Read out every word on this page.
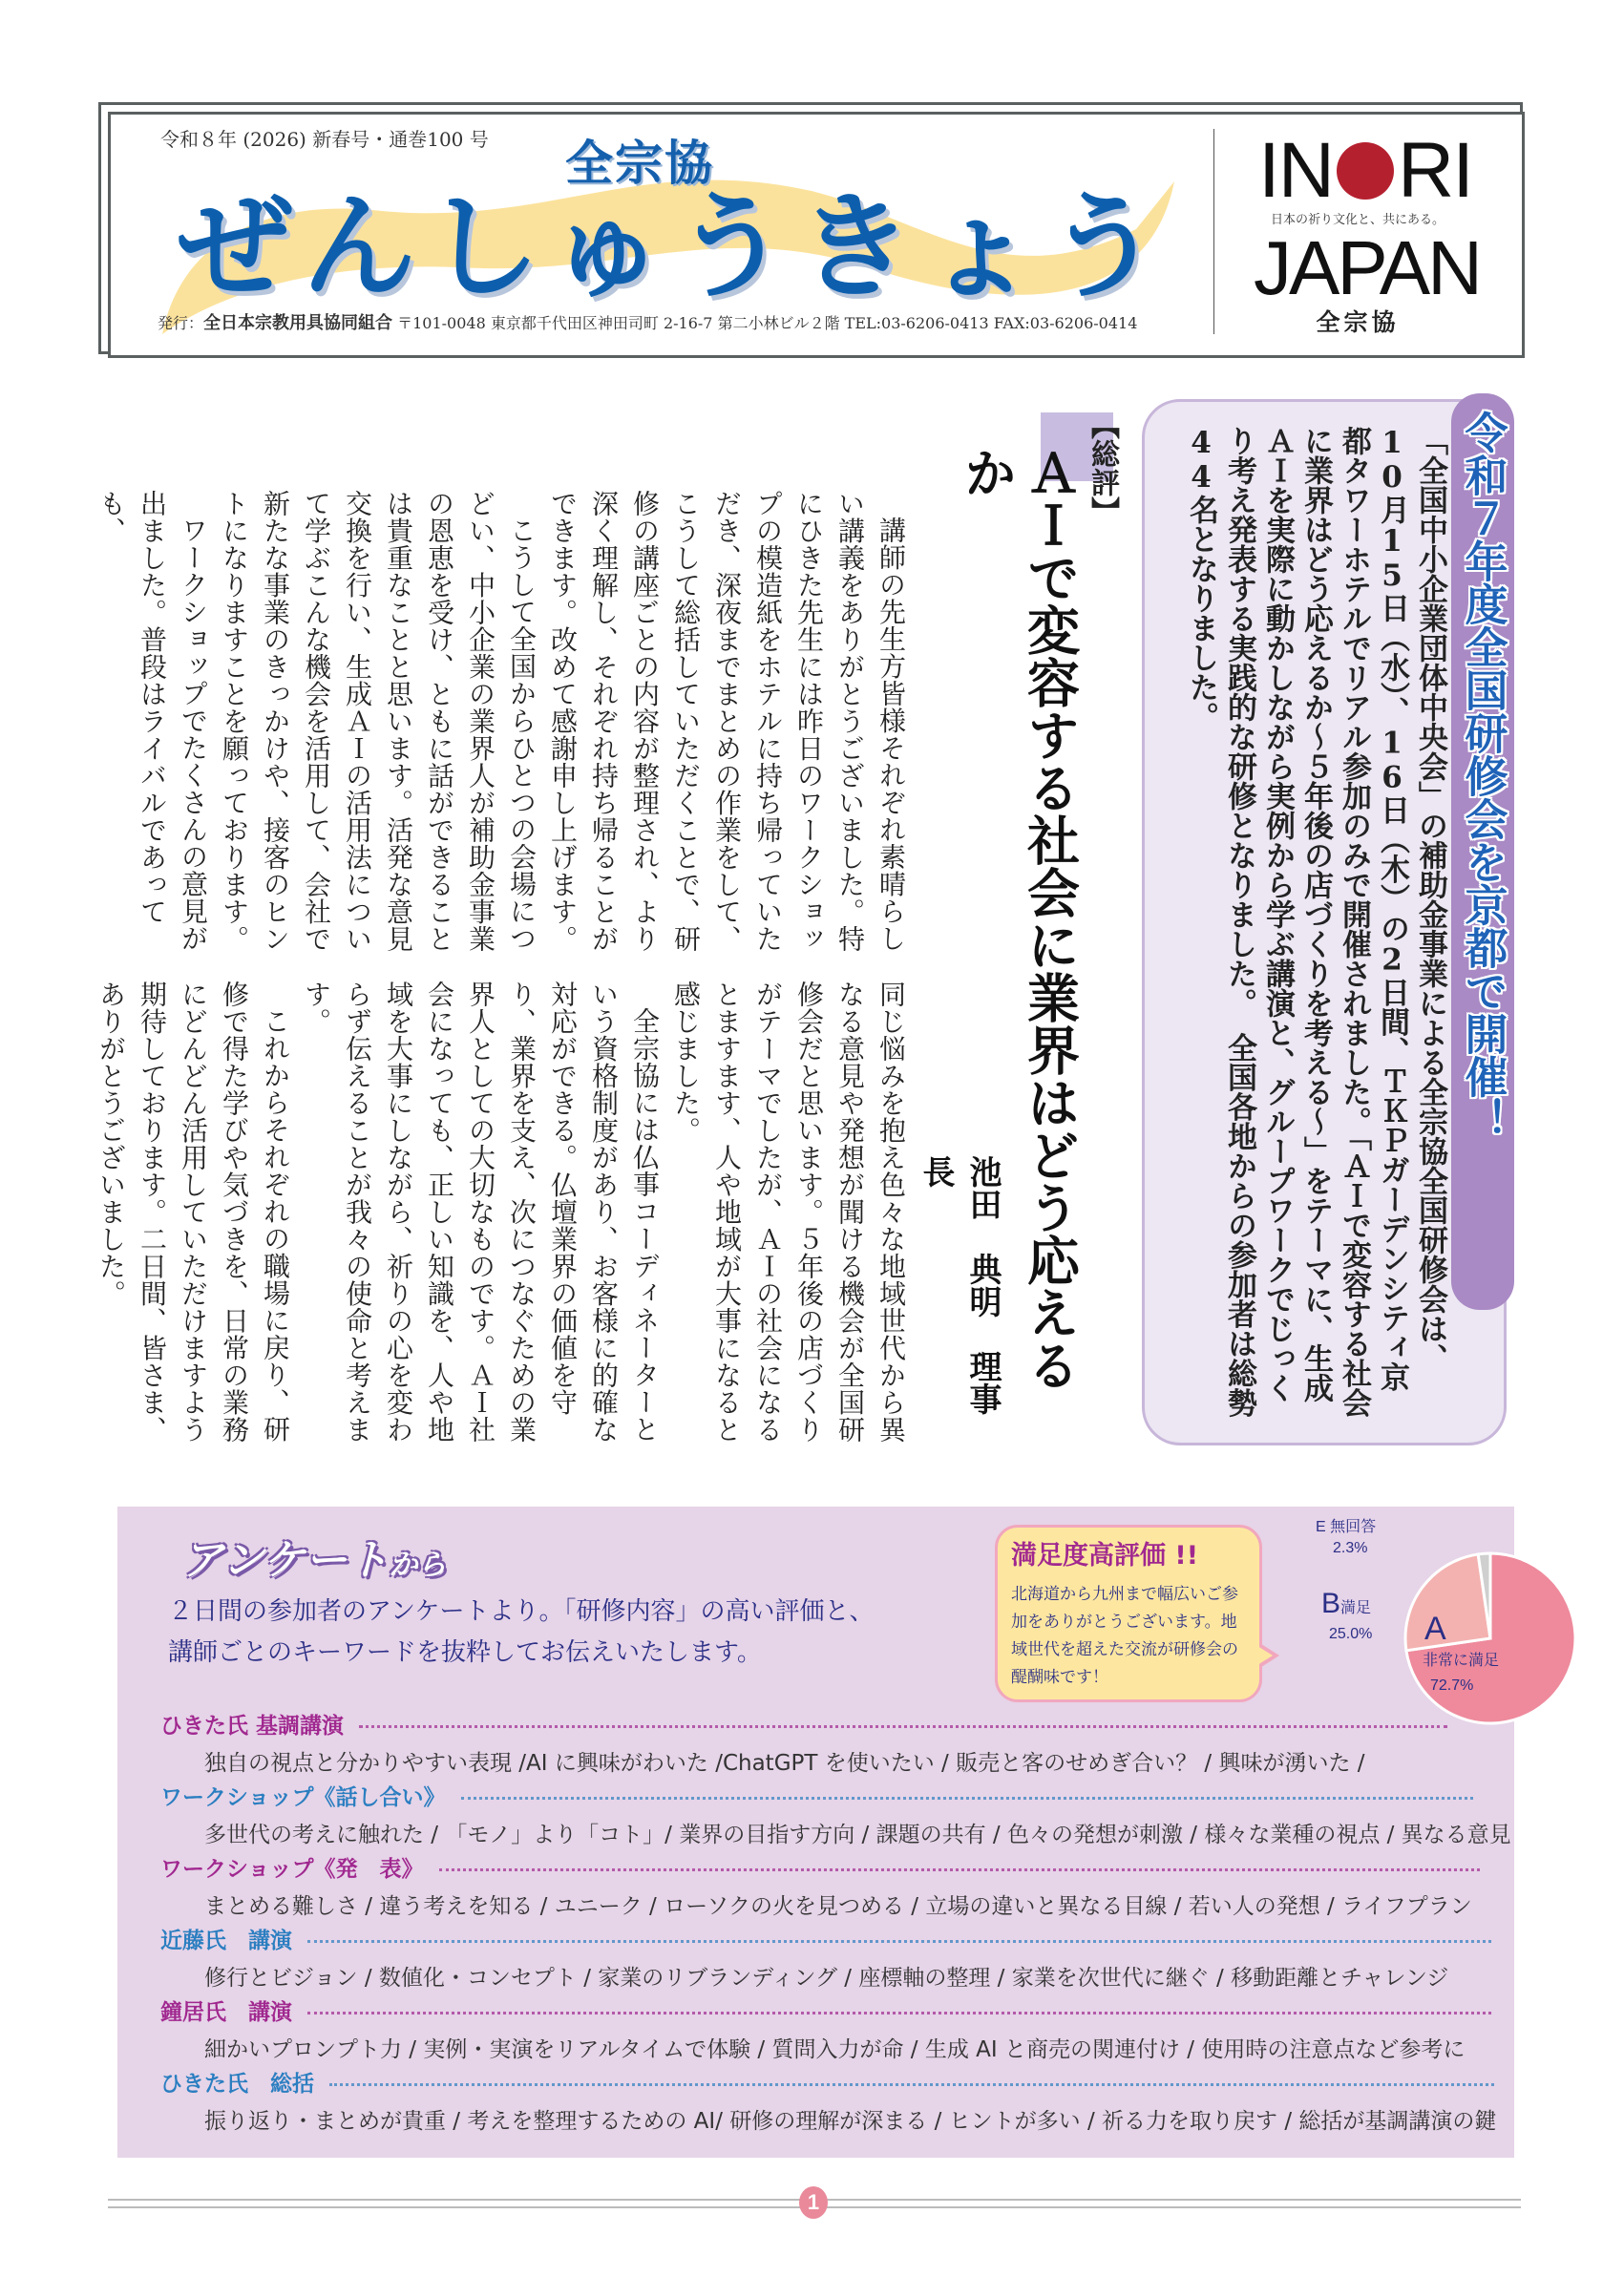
令和８年 (2026) 新春号・通巻100 号
ぜんしゅうきょう
全宗協
発行：全日本宗教用具協同組合 〒101-0048 東京都千代田区神田司町 2-16-7 第二小林ビル２階 TEL:03-6206-0413 FAX:03-6206-0414
IN RI
日本の祈り文化と、共にある。
JAPAN
全宗協
令和７年度全国研修会を京都で開催！
「全国中小企業団体中央会」の補助金事業による全宗協全国研修会は、10月15日（水）、16日（木）の2日間、ＴＫＰガーデンシティ京都タワーホテルでリアル参加のみで開催されました。「ＡＩで変容する社会に業界はどう応えるか〜５年後の店づくりを考える〜」をテーマに、生成ＡＩを実際に動かしながら実例から学ぶ講演と、グループワークでじっくり考え発表する実践的な研修となりました。　全国各地からの参加者は総勢44名となりました。
【総評】
ＡＩで変容する社会に業界はどう応えるか
池田　典明　理事長

講師の先生方皆様それぞれ素晴らしい講義をありがとうございました。特にひきた先生には昨日のワークショップの模造紙をホテルに持ち帰っていただき、深夜までまとめの作業をして、こうして総括していただくことで、研修の講座ごとの内容が整理され、より深く理解し、それぞれ持ち帰ることができます。改めて感謝申し上げます。

こうして全国からひとつの会場につどい、中小企業の業界人が補助金事業の恩恵を受け、ともに話ができることは貴重なことと思います。活発な意見交換を行い、生成ＡＩの活用法について学ぶこんな機会を活用して、会社で新たな事業のきっかけや、接客のヒントになりますことを願っております。

ワークショップでたくさんの意見が出ました。普段はライバルであっても、

同じ悩みを抱え色々な地域世代から異なる意見や発想が聞ける機会が全国研修会だと思います。５年後の店づくりがテーマでしたが、ＡＩの社会になるとますます、人や地域が大事になると感じました。

全宗協には仏事コーディネーターという資格制度があり、お客様に的確な対応ができる。仏壇業界の価値を守り、業界を支え、次につなぐための業界人としての大切なものです。ＡＩ社会になっても、正しい知識を、人や地域を大事にしながら、祈りの心を変わらず伝えることが我々の使命と考えます。

これからそれぞれの職場に戻り、研修で得た学びや気づきを、日常の業務にどんどん活用していただけますよう期待しております。二日間、皆さま、ありがとうございました。

アンケートから
２日間の参加者のアンケートより。「研修内容」の高い評価と、
講師ごとのキーワードを抜粋してお伝えいたします。
満足度高評価 !!
北海道から九州まで幅広いご参加をありがとうございます。地域世代を超えた交流が研修会の醍醐味です！
E 無回答
2.3%
B満足
25.0% A
非常に満足
72.7%
ひきた氏 基調講演
独自の視点と分かりやすい表現 /AI に興味がわいた /ChatGPT を使いたい / 販売と客のせめぎ合い？ / 興味が湧いた /
ワークショップ《話し合い》
多世代の考えに触れた / 「モノ」より「コト」/ 業界の目指す方向 / 課題の共有 / 色々の発想が刺激 / 様々な業種の視点 / 異なる意見
ワークショップ《発　表》
まとめる難しさ / 違う考えを知る / ユニーク / ローソクの火を見つめる / 立場の違いと異なる目線 / 若い人の発想 / ライフプラン
近藤氏　講演
修行とビジョン / 数値化・コンセプト / 家業のリブランディング / 座標軸の整理 / 家業を次世代に継ぐ / 移動距離とチャレンジ
鐘居氏　講演
細かいプロンプト力 / 実例・実演をリアルタイムで体験 / 質問入力が命 / 生成 AI と商売の関連付け / 使用時の注意点など参考に
ひきた氏　総括
振り返り・まとめが貴重 / 考えを整理するための AI/ 研修の理解が深まる / ヒントが多い / 祈る力を取り戻す / 総括が基調講演の鍵
1
